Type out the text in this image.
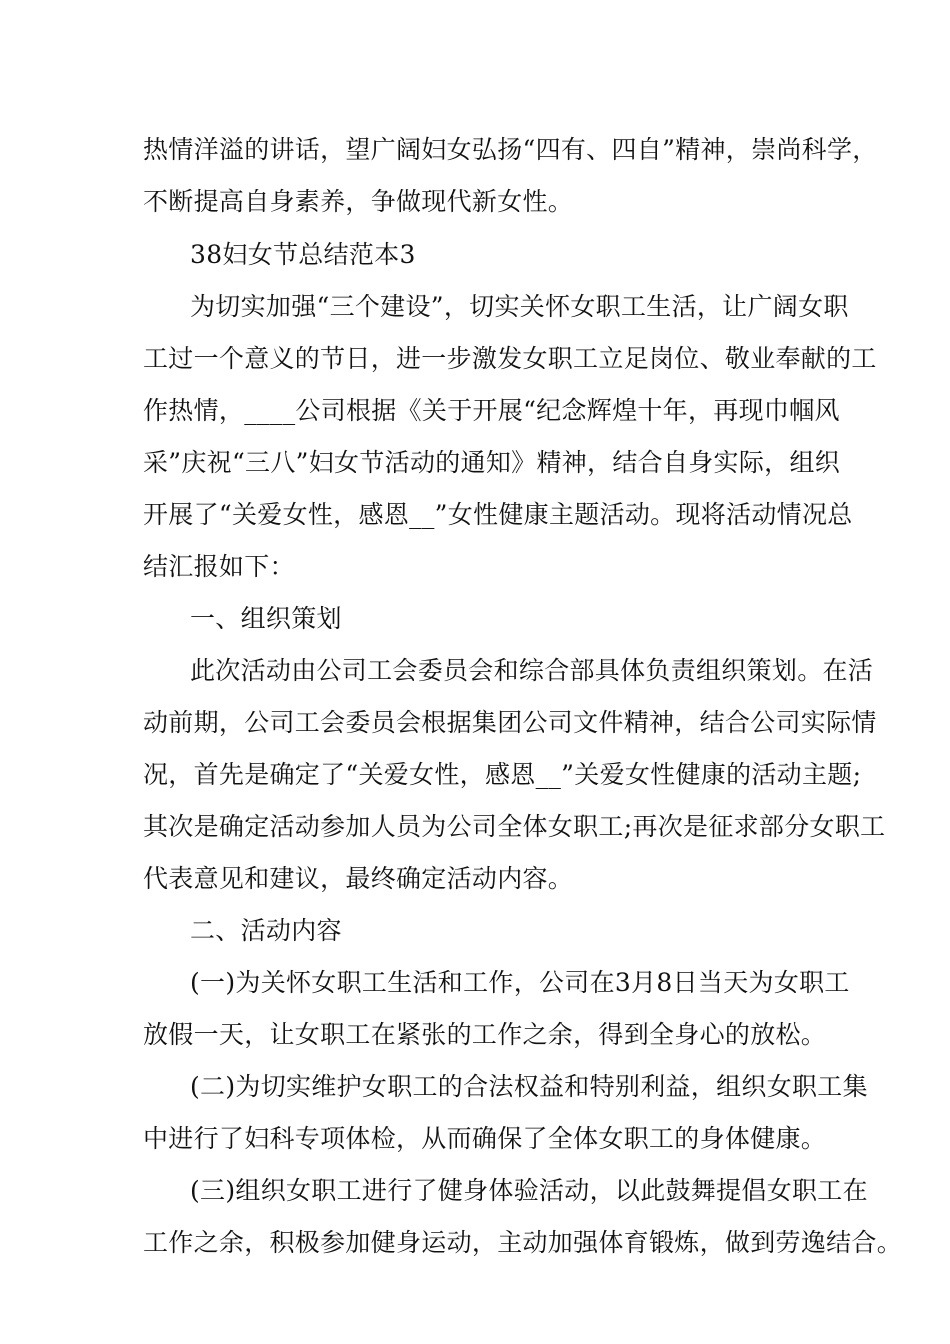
热情洋溢的讲话，望广阔妇女弘扬“四有、四自”精神，崇尚科学，
不断提高自身素养，争做现代新女性。
38妇女节总结范本3
为切实加强“三个建设”，切实关怀女职工生活，让广阔女职
工过一个意义的节日，进一步激发女职工立足岗位、敬业奉献的工
作热情，____公司根据《关于开展“纪念辉煌十年，再现巾帼风
采”庆祝“三八”妇女节活动的通知》精神，结合自身实际，组织
开展了“关爱女性，感恩__”女性健康主题活动。现将活动情况总
结汇报如下：
一、组织策划
此次活动由公司工会委员会和综合部具体负责组织策划。在活
动前期，公司工会委员会根据集团公司文件精神，结合公司实际情
况，首先是确定了“关爱女性，感恩__”关爱女性健康的活动主题;
其次是确定活动参加人员为公司全体女职工;再次是征求部分女职工
代表意见和建议，最终确定活动内容。
二、活动内容
(一)为关怀女职工生活和工作，公司在3月8日当天为女职工
放假一天，让女职工在紧张的工作之余，得到全身心的放松。
(二)为切实维护女职工的合法权益和特别利益，组织女职工集
中进行了妇科专项体检，从而确保了全体女职工的身体健康。
(三)组织女职工进行了健身体验活动，以此鼓舞提倡女职工在
工作之余，积极参加健身运动，主动加强体育锻炼，做到劳逸结合。
